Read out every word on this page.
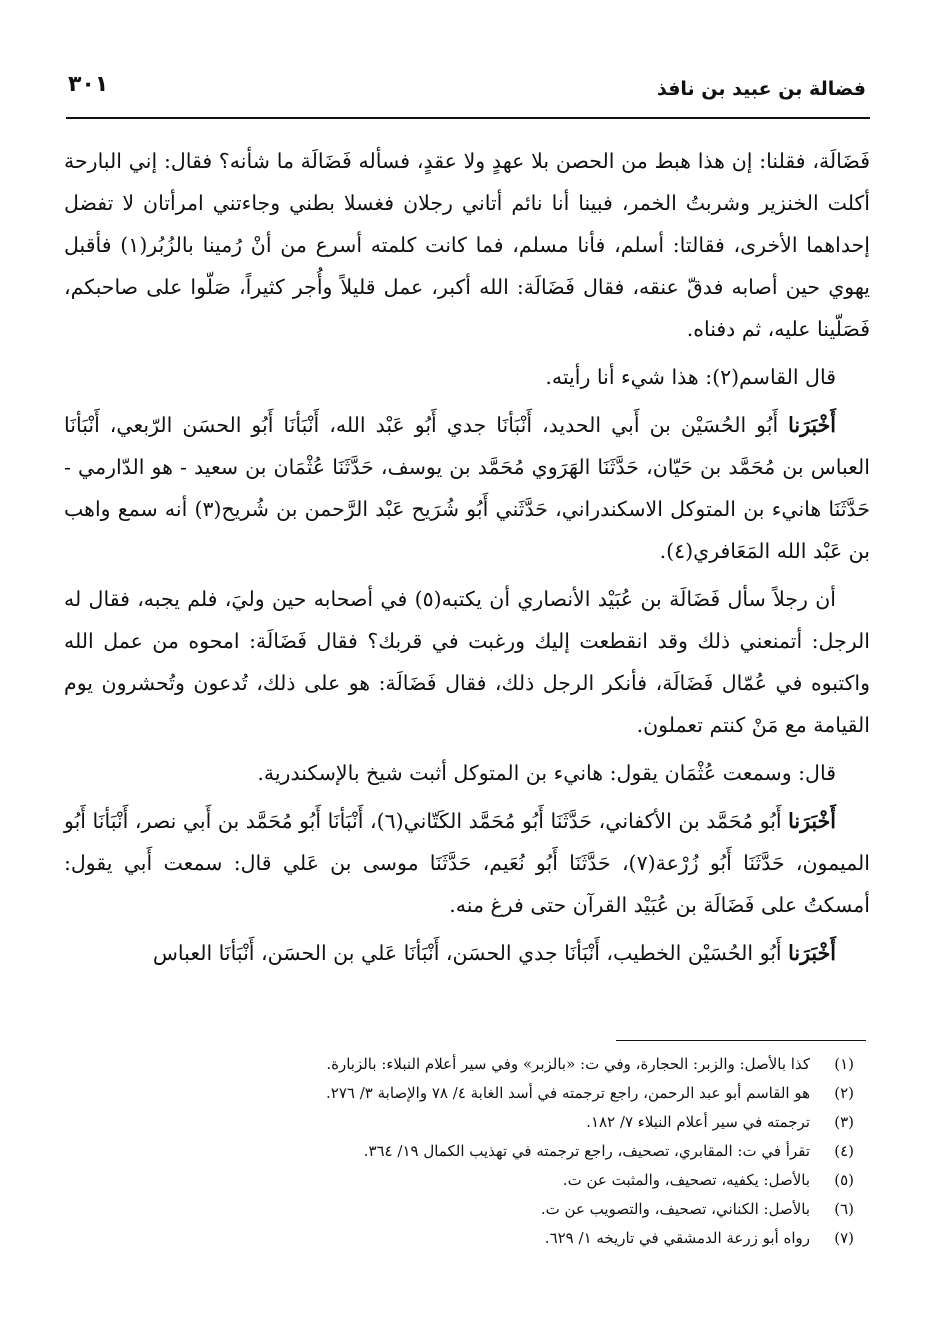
فضالة بن عبيد بن نافذ
٣٠١

فَضَالَة، فقلنا: إن هذا هبط من الحصن بلا عهدٍ ولا عقدٍ، فسأله فَضَالَة ما شأنه؟ فقال: إني البارحة أكلت الخنزير وشربتُ الخمر، فبينا أنا نائم أتاني رجلان فغسلا بطني وجاءتني امرأتان لا تفضل إحداهما الأخرى، فقالتا: أسلم، فأنا مسلم، فما كانت كلمته أسرع من أنْ رُمينا بالزُبُر(١) فأقبل يهوي حين أصابه فدقّ عنقه، فقال فَضَالَة: الله أكبر، عمل قليلاً وأُجر كثيراً، صَلّوا على صاحبكم، فَصَلّينا عليه، ثم دفناه.

قال القاسم(٢): هذا شيء أنا رأيته.

أَخْبَرَنا أَبُو الحُسَيْن بن أَبي الحديد، أَنْبَأنَا جدي أَبُو عَبْد الله، أَنْبَأنَا أَبُو الحسَن الرّبعي، أَنْبَأنَا العباس بن مُحَمَّد بن حَيّان، حَدَّثَنَا الهَرَوي مُحَمَّد بن يوسف، حَدَّثَنَا عُثْمَان بن سعيد - هو الدّارمي - حَدَّثَنَا هانيء بن المتوكل الاسكندراني، حَدَّثَني أَبُو شُرَيح عَبْد الرَّحمن بن شُريح(٣) أنه سمع واهب بن عَبْد الله المَعَافري(٤).

أن رجلاً سأل فَضَالَة بن عُبَيْد الأنصاري أن يكتبه(٥) في أصحابه حين وليَ، فلم يجبه، فقال له الرجل: أتمنعني ذلك وقد انقطعت إليك ورغبت في قربك؟ فقال فَضَالَة: امحوه من عمل الله واكتبوه في عُمّال فَضَالَة، فأنكر الرجل ذلك، فقال فَضَالَة: هو على ذلك، تُدعون وتُحشرون يوم القيامة مع مَنْ كنتم تعملون.

قال: وسمعت عُثْمَان يقول: هانيء بن المتوكل أثبت شيخ بالإسكندرية.

أَخْبَرَنا أَبُو مُحَمَّد بن الأكفاني، حَدَّثَنَا أَبُو مُحَمَّد الكَتّاني(٦)، أَنْبَأنَا أَبُو مُحَمَّد بن أَبي نصر، أَنْبَأنَا أَبُو الميمون، حَدَّثَنَا أَبُو زُرْعة(٧)، حَدَّثَنَا أَبُو نُعَيم، حَدَّثَنَا موسى بن عَلي قال: سمعت أَبي يقول: أمسكتُ على فَضَالَة بن عُبَيْد القرآن حتى فرغ منه.

أَخْبَرَنا أَبُو الحُسَيْن الخطيب، أَنْبَأنَا جدي الحسَن، أَنْبَأنَا عَلي بن الحسَن، أَنْبَأنَا العباس

(١)
كذا بالأصل: والزبر: الحجارة، وفي ت: «بالزبر» وفي سير أعلام النبلاء: بالزبارة.
(٢)
هو القاسم أبو عبد الرحمن، راجع ترجمته في أسد الغابة ٤/ ٧٨ والإصابة ٣/ ٢٧٦.
(٣)
ترجمته في سير أعلام النبلاء ٧/ ١٨٢.
(٤)
تقرأ في ت: المقابري، تصحيف، راجع ترجمته في تهذيب الكمال ١٩/ ٣٦٤.
(٥)
بالأصل: يكفيه، تصحيف، والمثبت عن ت.
(٦)
بالأصل: الكناني، تصحيف، والتصويب عن ت.
(٧)
رواه أبو زرعة الدمشقي في تاريخه ١/ ٦٢٩.
